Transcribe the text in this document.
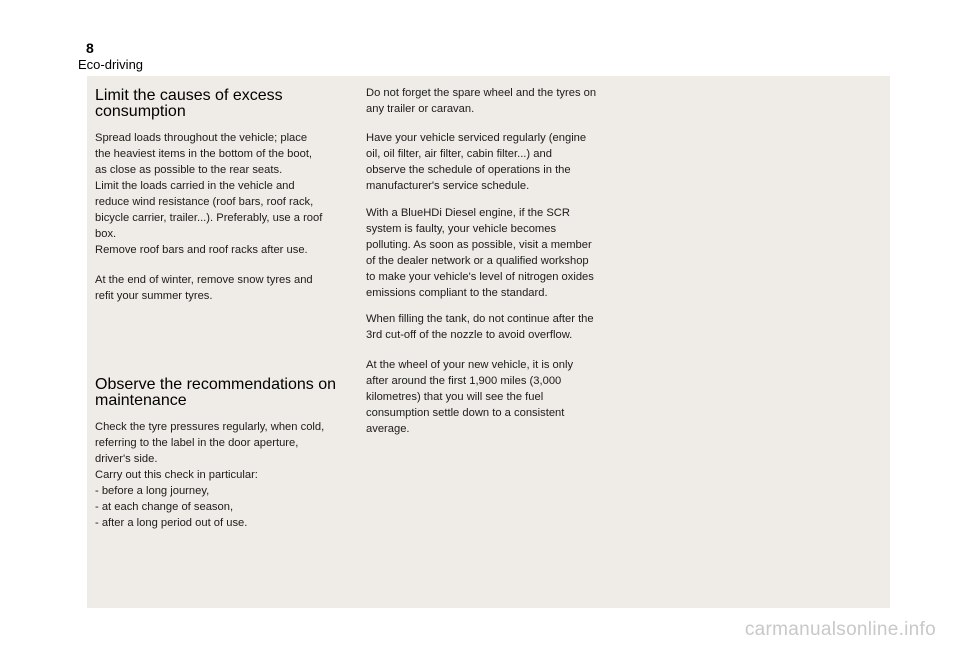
8
Eco-driving
Limit the causes of excess consumption

Spread loads throughout the vehicle; place
the heaviest items in the bottom of the boot,
as close as possible to the rear seats.
Limit the loads carried in the vehicle and
reduce wind resistance (roof bars, roof rack,
bicycle carrier, trailer...). Preferably, use a roof
box.
Remove roof bars and roof racks after use.

At the end of winter, remove snow tyres and
refit your summer tyres.

Observe the recommendations on maintenance

Check the tyre pressures regularly, when cold,
referring to the label in the door aperture,
driver's side.
Carry out this check in particular:
- before a long journey,
- at each change of season,
- after a long period out of use.

Do not forget the spare wheel and the tyres on
any trailer or caravan.

Have your vehicle serviced regularly (engine
oil, oil filter, air filter, cabin filter...) and
observe the schedule of operations in the
manufacturer's service schedule.

With a BlueHDi Diesel engine, if the SCR
system is faulty, your vehicle becomes
polluting. As soon as possible, visit a member
of the dealer network or a qualified workshop
to make your vehicle's level of nitrogen oxides
emissions compliant to the standard.

When filling the tank, do not continue after the
3rd cut-off of the nozzle to avoid overflow.

At the wheel of your new vehicle, it is only
after around the first 1,900 miles (3,000
kilometres) that you will see the fuel
consumption settle down to a consistent
average.

carmanualsonline.info
